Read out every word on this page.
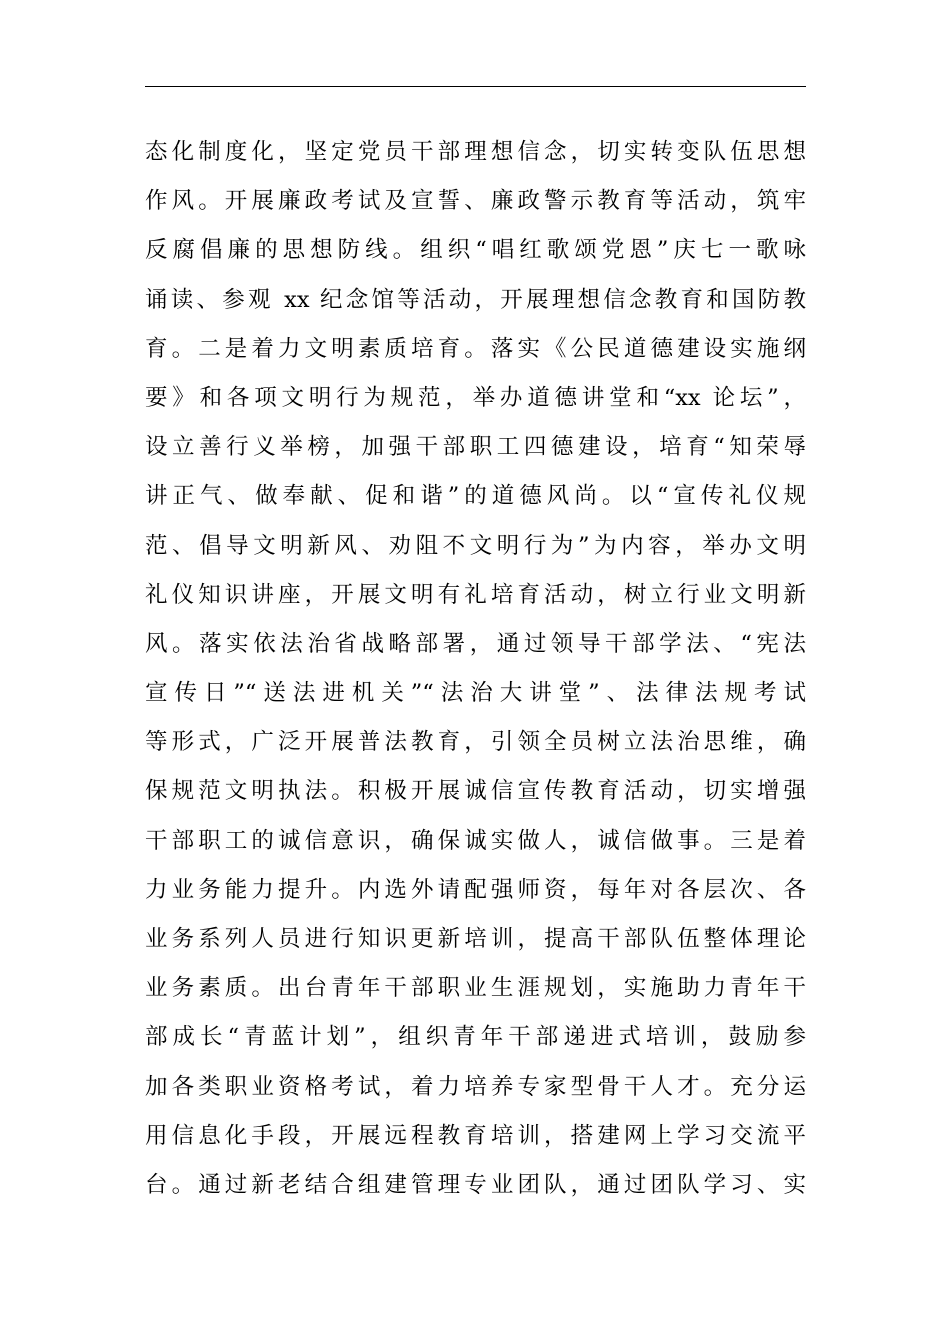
态化制度化，坚定党员干部理想信念，切实转变队伍思想
作风。开展廉政考试及宣誓、廉政警示教育等活动，筑牢
反腐倡廉的思想防线。组织“唱红歌颂党恩”庆七一歌咏
诵读、参观 xx 纪念馆等活动，开展理想信念教育和国防教
育。二是着力文明素质培育。落实《公民道德建设实施纲
要》和各项文明行为规范，举办道德讲堂和“xx 论坛”，
设立善行义举榜，加强干部职工四德建设，培育“知荣辱
讲正气、做奉献、促和谐”的道德风尚。以“宣传礼仪规
范、倡导文明新风、劝阻不文明行为”为内容，举办文明
礼仪知识讲座，开展文明有礼培育活动，树立行业文明新
风。落实依法治省战略部署，通过领导干部学法、“宪法
宣传日”“送法进机关”“法治大讲堂”、法律法规考试
等形式，广泛开展普法教育，引领全员树立法治思维，确
保规范文明执法。积极开展诚信宣传教育活动，切实增强
干部职工的诚信意识，确保诚实做人，诚信做事。三是着
力业务能力提升。内选外请配强师资，每年对各层次、各
业务系列人员进行知识更新培训，提高干部队伍整体理论
业务素质。出台青年干部职业生涯规划，实施助力青年干
部成长“青蓝计划”，组织青年干部递进式培训，鼓励参
加各类职业资格考试，着力培养专家型骨干人才。充分运
用信息化手段，开展远程教育培训，搭建网上学习交流平
台。通过新老结合组建管理专业团队，通过团队学习、实
